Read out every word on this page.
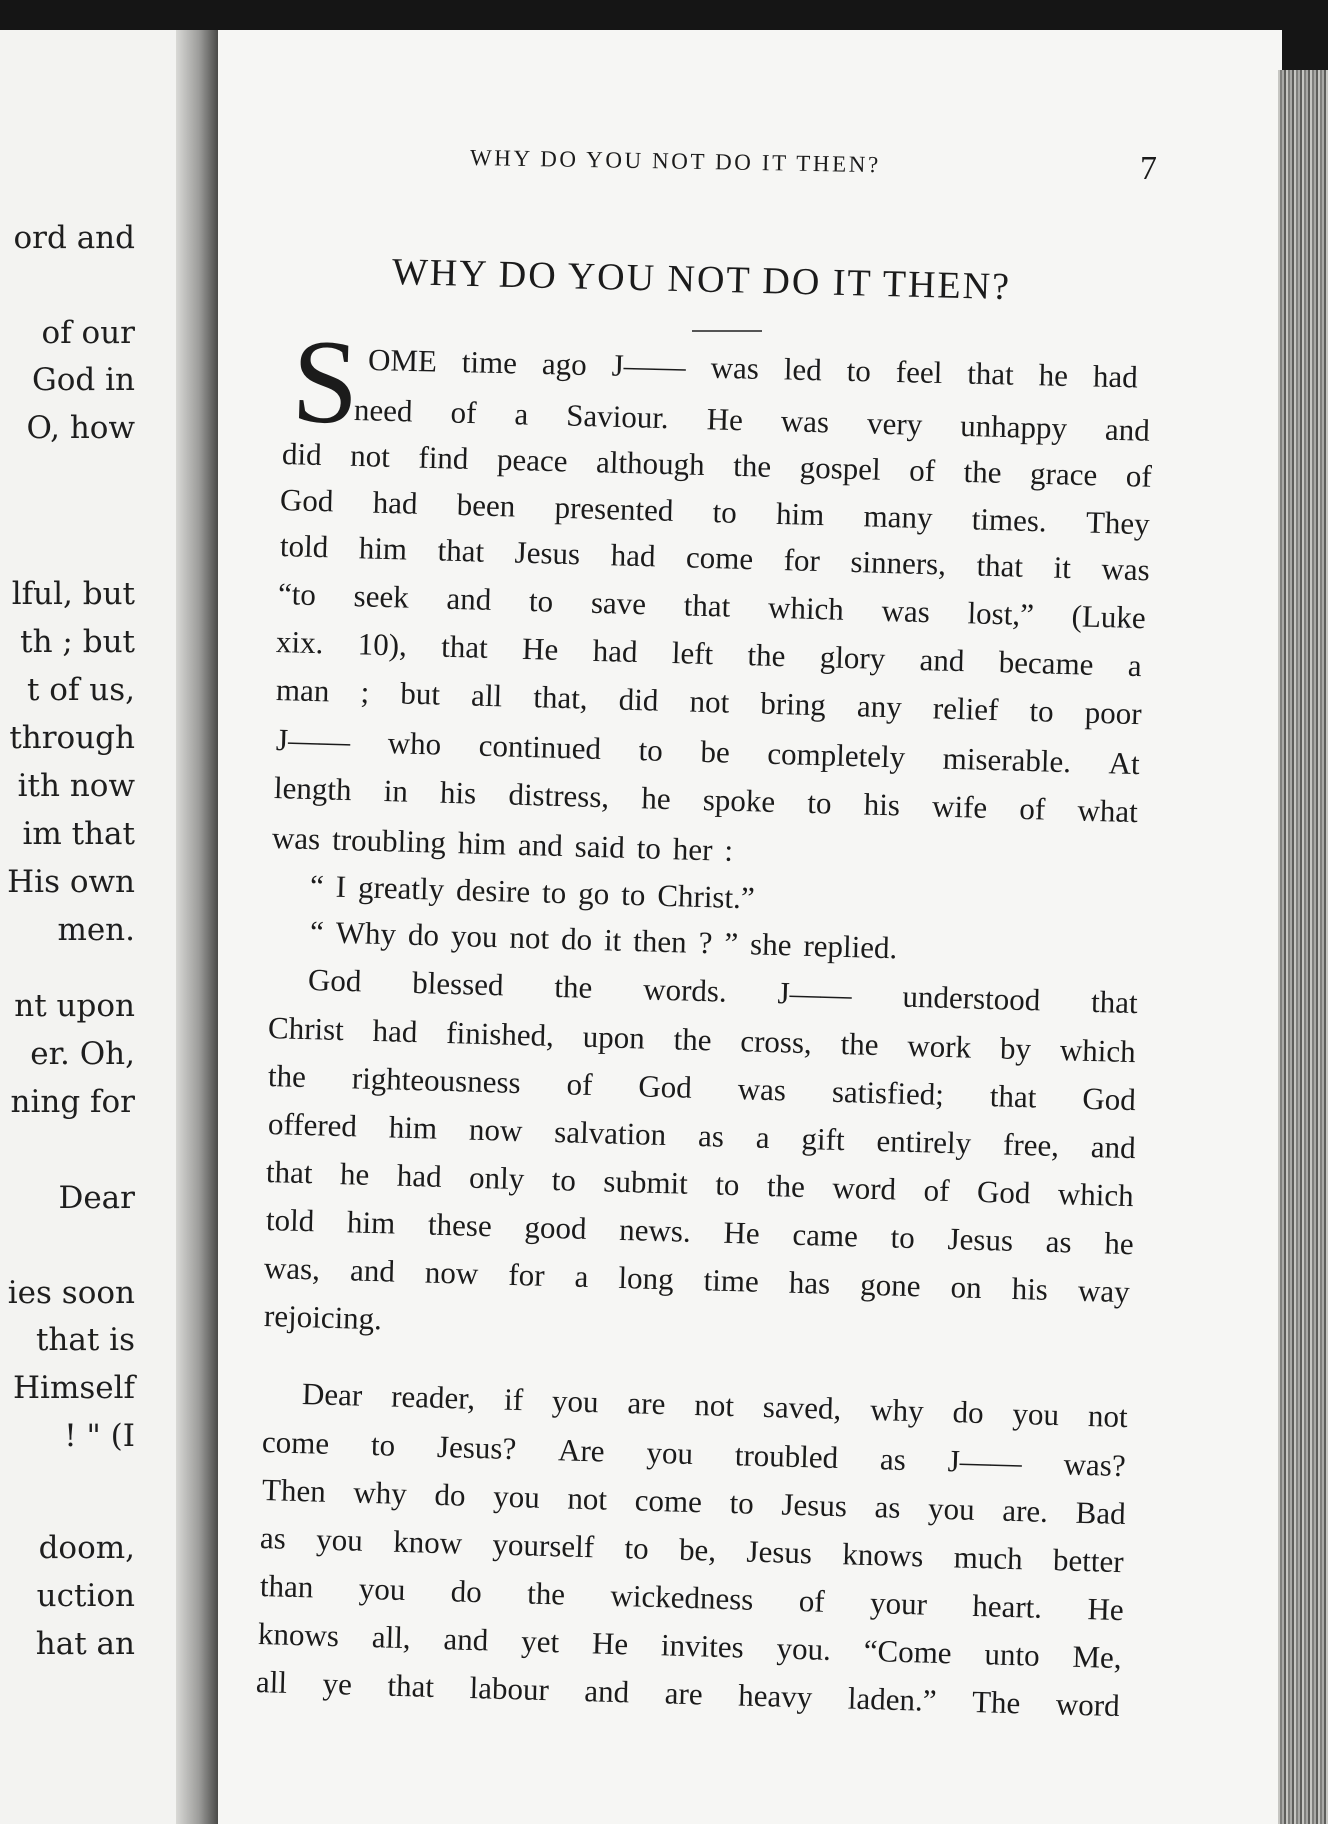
ord and
of our
God in
O, how
lful, but
th ; but
t of us,
through
ith now
im that
His own
men.
nt upon
er. Oh,
ning for
Dear
ies soon
that is
Himself
! " (I
doom,
uction
hat an
WHY DO YOU NOT DO IT THEN?	7
WHY DO YOU NOT DO IT THEN?
S OME time ago J—— was led to feel that he had
need of a Saviour. He was very unhappy and
did not find peace although the gospel of the grace of
God had been presented to him many times. They
told him that Jesus had come for sinners, that it was
“to seek and to save that which was lost,” (Luke
xix. 10), that He had left the glory and became a
man ; but all that, did not bring any relief to poor
J—— who continued to be completely miserable. At
length in his distress, he spoke to his wife of what
was troubling him and said to her :
“ I greatly desire to go to Christ.”
“ Why do you not do it then ? ” she replied.
God blessed the words. J—— understood that
Christ had finished, upon the cross, the work by which
the righteousness of God was satisfied; that God
offered him now salvation as a gift entirely free, and
that he had only to submit to the word of God which
told him these good news. He came to Jesus as he
was, and now for a long time has gone on his way
rejoicing.
Dear reader, if you are not saved, why do you not
come to Jesus? Are you troubled as J—— was?
Then why do you not come to Jesus as you are. Bad
as you know yourself to be, Jesus knows much better
than you do the wickedness of your heart. He
knows all, and yet He invites you. “Come unto Me,
all ye that labour and are heavy laden.” The word
